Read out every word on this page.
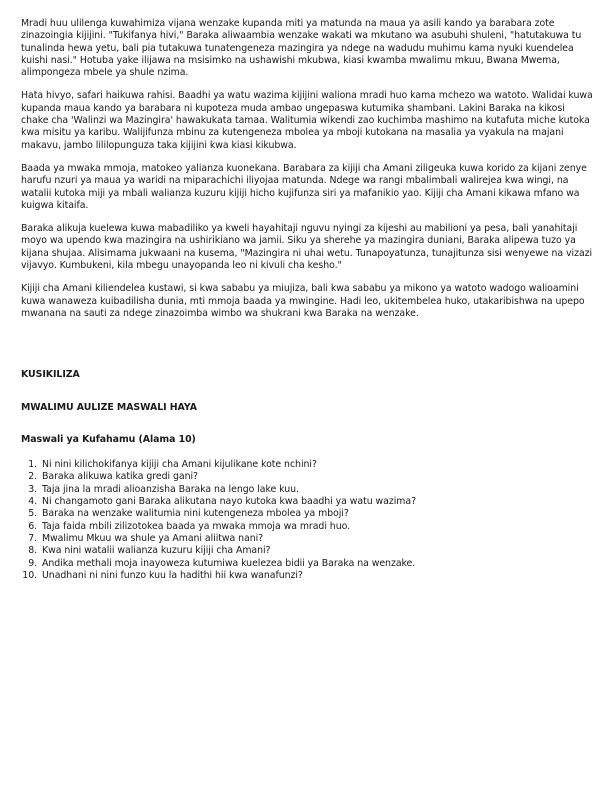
Mradi huu ulilenga kuwahimiza vijana wenzake kupanda miti ya matunda na maua ya asili kando ya barabara zote zinazoingia kijijini. "Tukifanya hivi," Baraka aliwaambia wenzake wakati wa mkutano wa asubuhi shuleni, "hatutakuwa tu tunalinda hewa yetu, bali pia tutakuwa tunatengeneza mazingira ya ndege na wadudu muhimu kama nyuki kuendelea kuishi nasi." Hotuba yake ilijawa na msisimko na ushawishi mkubwa, kiasi kwamba mwalimu mkuu, Bwana Mwema, alimpongeza mbele ya shule nzima.

Hata hivyo, safari haikuwa rahisi. Baadhi ya watu wazima kijijini waliona mradi huo kama mchezo wa watoto. Walidai kuwa kupanda maua kando ya barabara ni kupoteza muda ambao ungepaswa kutumika shambani. Lakini Baraka na kikosi chake cha 'Walinzi wa Mazingira' hawakukata tamaa. Walitumia wikendi zao kuchimba mashimo na kutafuta miche kutoka kwa misitu ya karibu. Walijifunza mbinu za kutengeneza mbolea ya mboji kutokana na masalia ya vyakula na majani makavu, jambo lililopunguza taka kijijini kwa kiasi kikubwa.

Baada ya mwaka mmoja, matokeo yalianza kuonekana. Barabara za kijiji cha Amani ziligeuka kuwa korido za kijani zenye harufu nzuri ya maua ya waridi na miparachichi iliyojaa matunda. Ndege wa rangi mbalimbali walirejea kwa wingi, na watalii kutoka miji ya mbali walianza kuzuru kijiji hicho kujifunza siri ya mafanikio yao. Kijiji cha Amani kikawa mfano wa kuigwa kitaifa.

Baraka alikuja kuelewa kuwa mabadiliko ya kweli hayahitaji nguvu nyingi za kijeshi au mabilioni ya pesa, bali yanahitaji moyo wa upendo kwa mazingira na ushirikiano wa jamii. Siku ya sherehe ya mazingira duniani, Baraka alipewa tuzo ya kijana shujaa. Alisimama jukwaani na kusema, "Mazingira ni uhai wetu. Tunapoyatunza, tunajitunza sisi wenyewe na vizazi vijavyo. Kumbukeni, kila mbegu unayopanda leo ni kivuli cha kesho."

Kijiji cha Amani kiliendelea kustawi, si kwa sababu ya miujiza, bali kwa sababu ya mikono ya watoto wadogo walioamini kuwa wanaweza kuibadilisha dunia, mti mmoja baada ya mwingine. Hadi leo, ukitembelea huko, utakaribishwa na upepo mwanana na sauti za ndege zinazoimba wimbo wa shukrani kwa Baraka na wenzake.

KUSIKILIZA
MWALIMU AULIZE MASWALI HAYA
Maswali ya Kufahamu (Alama 10)
1. Ni nini kilichokifanya kijiji cha Amani kijulikane kote nchini?
2. Baraka alikuwa katika gredi gani?
3. Taja jina la mradi alioanzisha Baraka na lengo lake kuu.
4. Ni changamoto gani Baraka alikutana nayo kutoka kwa baadhi ya watu wazima?
5. Baraka na wenzake walitumia nini kutengeneza mbolea ya mboji?
6. Taja faida mbili zilizotokea baada ya mwaka mmoja wa mradi huo.
7. Mwalimu Mkuu wa shule ya Amani aliitwa nani?
8. Kwa nini watalii walianza kuzuru kijiji cha Amani?
9. Andika methali moja inayoweza kutumiwa kuelezea bidii ya Baraka na wenzake.
10. Unadhani ni nini funzo kuu la hadithi hii kwa wanafunzi?
